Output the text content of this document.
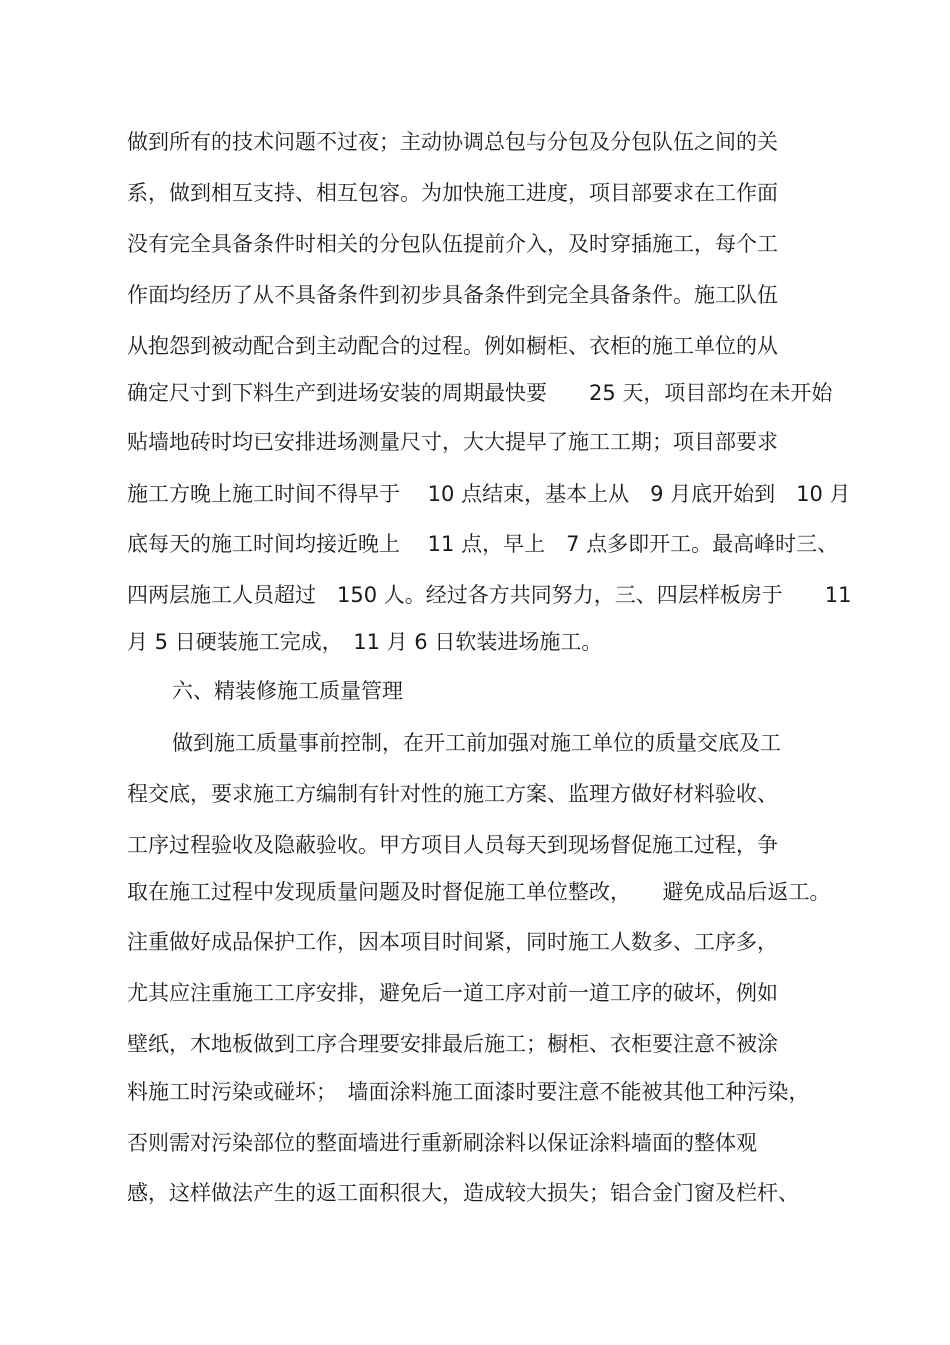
做到所有的技术问题不过夜；主动协调总包与分包及分包队伍之间的关
系，做到相互支持、相互包容。为加快施工进度，项目部要求在工作面
没有完全具备条件时相关的分包队伍提前介入，及时穿插施工，每个工
作面均经历了从不具备条件到初步具备条件到完全具备条件。施工队伍
从抱怨到被动配合到主动配合的过程。例如橱柜、衣柜的施工单位的从
确定尺寸到下料生产到进场安装的周期最快要　　25 天，项目部均在未开始
贴墙地砖时均已安排进场测量尺寸，大大提早了施工工期；项目部要求
施工方晚上施工时间不得早于　 10 点结束，基本上从　9 月底开始到　10 月
底每天的施工时间均接近晚上　 11 点，早上　7 点多即开工。最高峰时三、
四两层施工人员超过　150 人。经过各方共同努力，三、四层样板房于　　11
月 5 日硬装施工完成，　11 月 6 日软装进场施工。
六、精装修施工质量管理
做到施工质量事前控制，在开工前加强对施工单位的质量交底及工
程交底，要求施工方编制有针对性的施工方案、监理方做好材料验收、
工序过程验收及隐蔽验收。甲方项目人员每天到现场督促施工过程，争
取在施工过程中发现质量问题及时督促施工单位整改，　　避免成品后返工。
注重做好成品保护工作，因本项目时间紧，同时施工人数多、工序多，
尤其应注重施工工序安排，避免后一道工序对前一道工序的破坏，例如
壁纸，木地板做到工序合理要安排最后施工；橱柜、衣柜要注意不被涂
料施工时污染或碰坏；　墙面涂料施工面漆时要注意不能被其他工种污染，
否则需对污染部位的整面墙进行重新刷涂料以保证涂料墙面的整体观
感，这样做法产生的返工面积很大，造成较大损失；铝合金门窗及栏杆、
